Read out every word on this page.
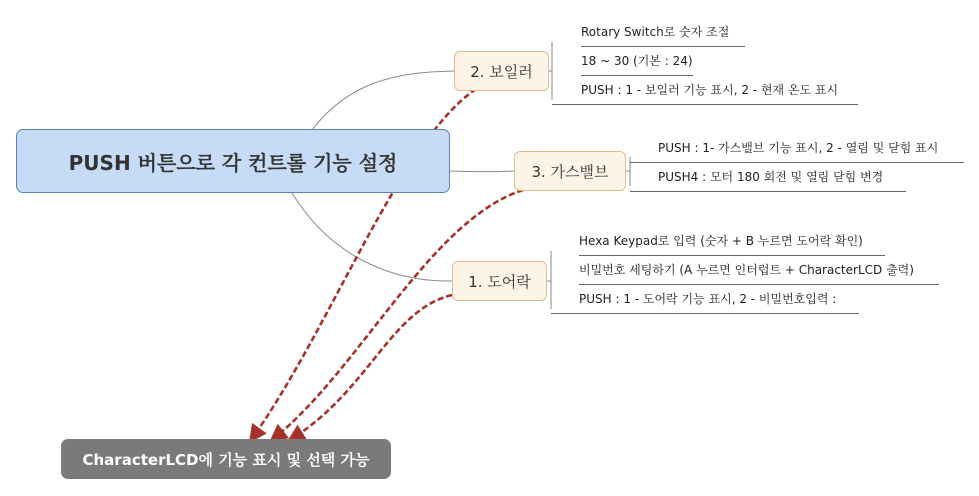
PUSH 버튼으로 각 컨트롤 기능 설정
2. 보일러
Rotary Switch로 숫자 조절
18 ~ 30 (기본 : 24)
PUSH : 1 - 보일러 기능 표시, 2 - 현재 온도 표시
3. 가스밸브
PUSH : 1- 가스밸브 기능 표시, 2 - 열림 및 닫힘 표시
PUSH4 : 모터 180 회전 및 열림 닫힘 변경
1. 도어락
Hexa Keypad로 입력 (숫자 + B 누르면 도어락 확인)
비밀번호 세팅하기 (A 누르면 인터럽트 + CharacterLCD 출력)
PUSH : 1 - 도어락 기능 표시, 2 - 비밀번호입력 :
CharacterLCD에 기능 표시 및 선택 가능
